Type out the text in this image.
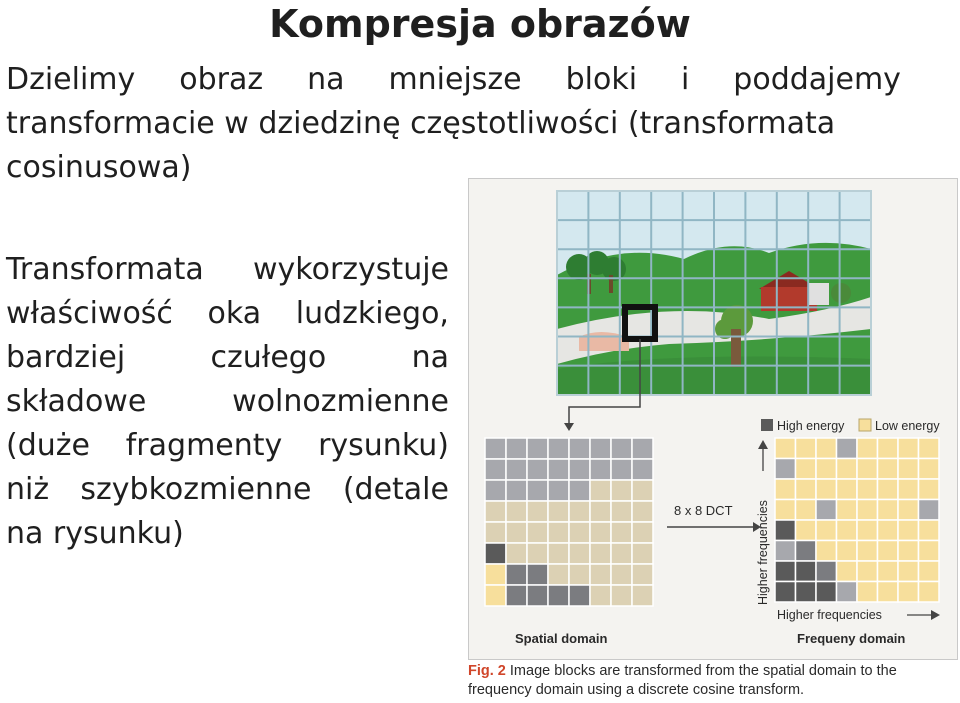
Kompresja obrazów
Dzielimy obraz na mniejsze bloki i poddajemy
transformacie w dziedzinę częstotliwości (transformata
cosinusowa)
Transformata wykorzystuje
właściwość oka ludzkiego,
bardziej	czułego	na
składowe	wolnozmienne
(duże fragmenty rysunku)
niż szybkozmienne (detale
na rysunku)
8 x 8 DCT
Spatial domain
High energy Low energy
Higher frequencies
Higher frequencies
Frequeny domain
Fig. 2 Image blocks are transformed from the spatial domain to the frequency domain using a discrete cosine transform.
